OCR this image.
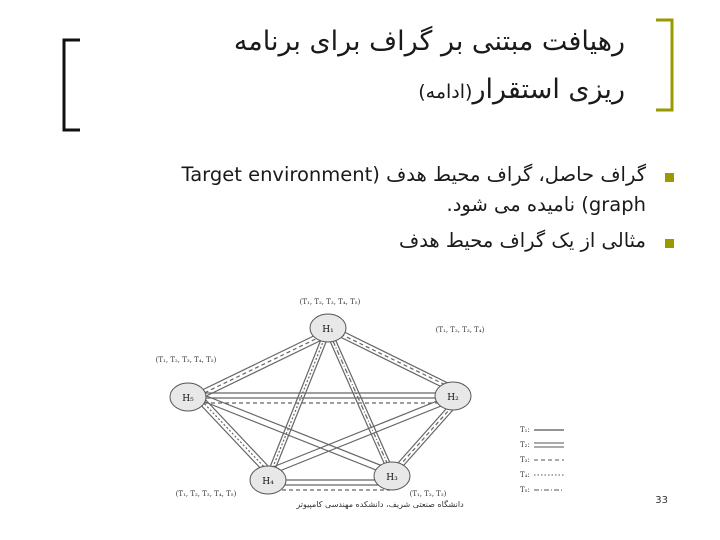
رهیافت مبتنی بر گراف برای برنامه
ریزی استقرار(ادامه)
گراف حاصل، گراف محیط هدف (Target environment
graph) نامیده می شود.
مثالی از یک گراف محیط هدف
H₁
(T₁, T₂, T₃, T₄, T₅)
H₂
(T₁, T₂, T₃, T₄)
H₃
(T₁, T₂, T₃)
H₄
(T₁, T₂, T₃, T₄, T₅)
H₅
(T₁, T₂, T₃, T₄, T₅)
T₁:
T₂:
T₃:
T₄:
T₅:
دانشگاه صنعتی شریف، دانشکده مهندسی کامپیوتر	33
